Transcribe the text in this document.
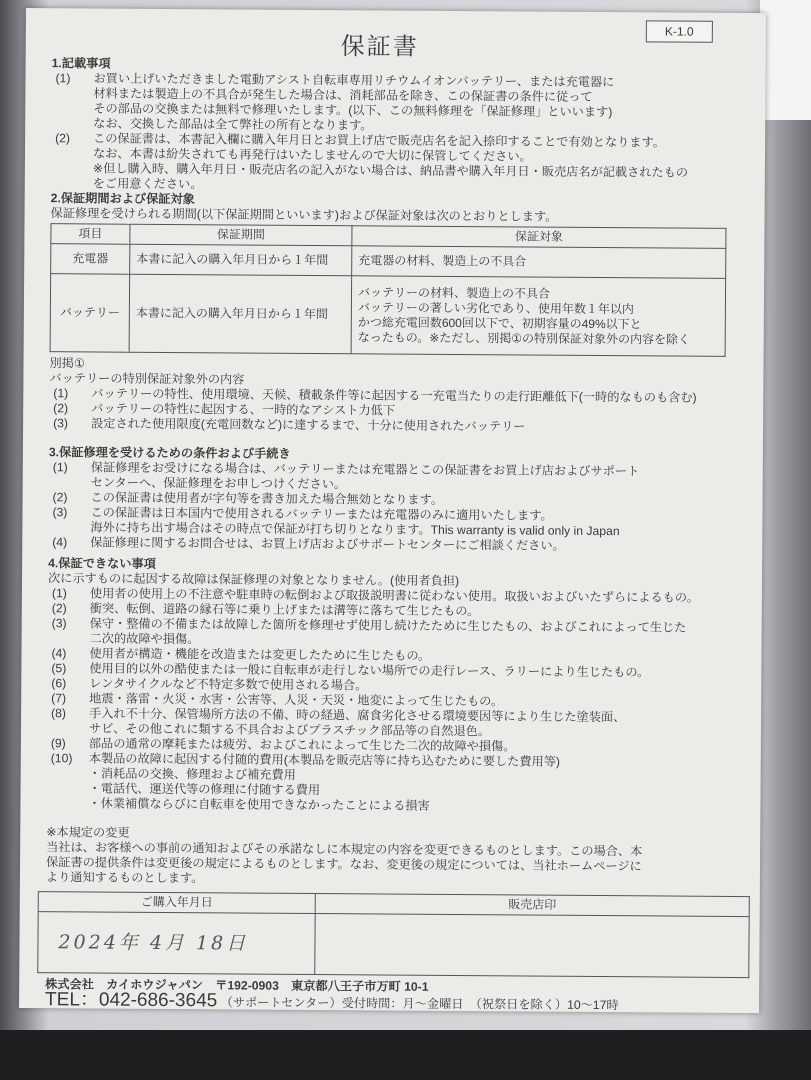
保証書
K-1.0
1.記載事項
(1)	お買い上げいただきました電動アシスト自転車専用リチウムイオンバッテリー、または充電器に
材料または製造上の不具合が発生した場合は、消耗部品を除き、この保証書の条件に従って
その部品の交換または無料で修理いたします。(以下、この無料修理を「保証修理」といいます)
なお、交換した部品は全て弊社の所有となります。
(2)	この保証書は、本書記入欄に購入年月日とお買上げ店で販売店名を記入捺印することで有効となります。
なお、本書は紛失されても再発行はいたしませんので大切に保管してください。
※但し購入時、購入年月日・販売店名の記入がない場合は、納品書や購入年月日・販売店名が記載されたもの
をご用意ください。
2.保証期間および保証対象
保証修理を受けられる期間(以下保証期間といいます)および保証対象は次のとおりとします。
項目	保証期間	保証対象
充電器	本書に記入の購入年月日から１年間	充電器の材料、製造上の不具合

バッテリー	本書に記入の購入年月日から１年間	バッテリーの材料、製造上の不具合
バッテリーの著しい劣化であり、使用年数１年以内
かつ総充電回数600回以下で、初期容量の49%以下と
なったもの。※ただし、別掲①の特別保証対象外の内容を除く
別掲①
バッテリーの特別保証対象外の内容
(1)	バッテリーの特性、使用環境、天候、積載条件等に起因する一充電当たりの走行距離低下(一時的なものも含む)
(2)	バッテリーの特性に起因する、一時的なアシスト力低下
(3)	設定された使用限度(充電回数など)に達するまで、十分に使用されたバッテリー
3.保証修理を受けるための条件および手続き
(1)	保証修理をお受けになる場合は、バッテリーまたは充電器とこの保証書をお買上げ店およびサポート
センターへ、保証修理をお申しつけください。
(2)	この保証書は使用者が字句等を書き加えた場合無効となります。
(3)	この保証書は日本国内で使用されるバッテリーまたは充電器のみに適用いたします。
海外に持ち出す場合はその時点で保証が打ち切りとなります。This warranty is valid only in Japan
(4)	保証修理に関するお問合せは、お買上げ店およびサポートセンターにご相談ください。
4.保証できない事項
次に示すものに起因する故障は保証修理の対象となりません。(使用者負担)
(1)	使用者の使用上の不注意や駐車時の転倒および取扱説明書に従わない使用。取扱いおよびいたずらによるもの。
(2)	衝突、転倒、道路の縁石等に乗り上げまたは溝等に落ちて生じたもの。
(3)	保守・整備の不備または故障した箇所を修理せず使用し続けたために生じたもの、およびこれによって生じた
二次的故障や損傷。
(4)	使用者が構造・機能を改造または変更したために生じたもの。
(5)	使用目的以外の酷使または一般に自転車が走行しない場所での走行レース、ラリーにより生じたもの。
(6)	レンタサイクルなど不特定多数で使用される場合。
(7)	地震・落雷・火災・水害・公害等、人災・天災・地変によって生じたもの。
(8)	手入れ不十分、保管場所方法の不備、時の経過、腐食劣化させる環境要因等により生じた塗装面、
サビ、その他これに類する不具合およびプラスチック部品等の自然退色。
(9)	部品の通常の摩耗または疲労、およびこれによって生じた二次的故障や損傷。
(10)	本製品の故障に起因する付随的費用(本製品を販売店等に持ち込むために要した費用等)
・消耗品の交換、修理および補充費用
・電話代、運送代等の修理に付随する費用
・休業補償ならびに自転車を使用できなかったことによる損害
※本規定の変更
当社は、お客様への事前の通知およびその承諾なしに本規定の内容を変更できるものとします。この場合、本
保証書の提供条件は変更後の規定によるものとします。なお、変更後の規定については、当社ホームページに
より通知するものとします。
ご購入年月日	販売店印
2024年 4月 18日	
株式会社　カイホウジャパン　〒192-0903　東京都八王子市万町 10-1
TEL：042-686-3645 （サポートセンター）受付時間：月～金曜日　（祝祭日を除く）10～17時
